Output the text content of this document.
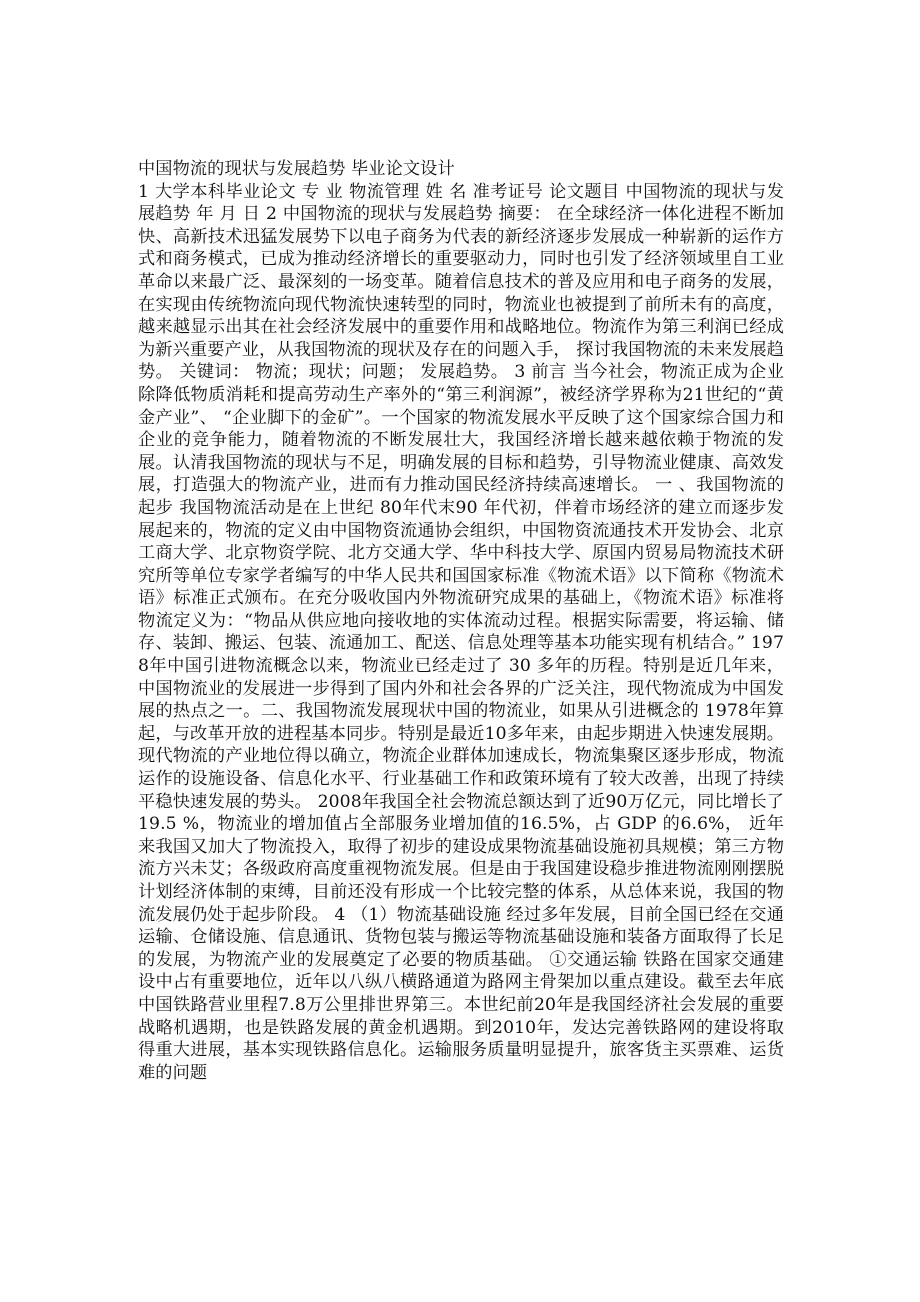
中国物流的现状与发展趋势 毕业论文设计
1 大学本科毕业论文 专 业 物流管理 姓 名 准考证号 论文题目 中国物流的现状与发展趋势 年 月 日 2 中国物流的现状与发展趋势 摘要： 在全球经济一体化进程不断加快、高新技术迅猛发展势下以电子商务为代表的新经济逐步发展成一种崭新的运作方式和商务模式，已成为推动经济增长的重要驱动力，同时也引发了经济领域里自工业革命以来最广泛、最深刻的一场变革。随着信息技术的普及应用和电子商务的发展，在实现由传统物流向现代物流快速转型的同时，物流业也被提到了前所未有的高度，越来越显示出其在社会经济发展中的重要作用和战略地位。物流作为第三利润已经成为新兴重要产业，从我国物流的现状及存在的问题入手， 探讨我国物流的未来发展趋势。 关键词： 物流；现状；问题； 发展趋势。 3 前言 当今社会，物流正成为企业除降低物质消耗和提高劳动生产率外的“第三利润源”，被经济学界称为21世纪的“黄金产业”、 “企业脚下的金矿”。一个国家的物流发展水平反映了这个国家综合国力和企业的竞争能力，随着物流的不断发展壮大，我国经济增长越来越依赖于物流的发展。认清我国物流的现状与不足，明确发展的目标和趋势，引导物流业健康、高效发展，打造强大的物流产业，进而有力推动国民经济持续高速增长。 一 、我国物流的起步 我国物流活动是在上世纪 80年代末90 年代初，伴着市场经济的建立而逐步发展起来的，物流的定义由中国物资流通协会组织，中国物资流通技术开发协会、北京工商大学、北京物资学院、北方交通大学、华中科技大学、原国内贸易局物流技术研究所等单位专家学者编写的中华人民共和国国家标准《物流术语》以下简称《物流术语》标准正式颁布。在充分吸收国内外物流研究成果的基础上，《物流术语》标准将物流定义为：“物品从供应地向接收地的实体流动过程。根据实际需要，将运输、储存、装卸、搬运、包装、流通加工、配送、信息处理等基本功能实现有机结合。” 1978年中国引进物流概念以来，物流业已经走过了 30 多年的历程。特别是近几年来，中国物流业的发展进一步得到了国内外和社会各界的广泛关注，现代物流成为中国发展的热点之一。二、我国物流发展现状中国的物流业，如果从引进概念的 1978年算起，与改革开放的进程基本同步。特别是最近10多年来，由起步期进入快速发展期。现代物流的产业地位得以确立，物流企业群体加速成长，物流集聚区逐步形成，物流运作的设施设备、信息化水平、行业基础工作和政策环境有了较大改善，出现了持续平稳快速发展的势头。 2008年我国全社会物流总额达到了近90万亿元，同比增长了19.5 %，物流业的增加值占全部服务业增加值的16.5%，占 GDP 的6.6%， 近年来我国又加大了物流投入，取得了初步的建设成果物流基础设施初具规模；第三方物流方兴未艾；各级政府高度重视物流发展。但是由于我国建设稳步推进物流刚刚摆脱计划经济体制的束缚，目前还没有形成一个比较完整的体系，从总体来说，我国的物流发展仍处于起步阶段。 4 （1）物流基础设施 经过多年发展，目前全国已经在交通运输、仓储设施、信息通讯、货物包装与搬运等物流基础设施和装备方面取得了长足的发展，为物流产业的发展奠定了必要的物质基础。 ①交通运输 铁路在国家交通建设中占有重要地位，近年以八纵八横路通道为路网主骨架加以重点建设。截至去年底中国铁路营业里程7.8万公里排世界第三。本世纪前20年是我国经济社会发展的重要战略机遇期，也是铁路发展的黄金机遇期。到2010年，发达完善铁路网的建设将取得重大进展，基本实现铁路信息化。运输服务质量明显提升，旅客货主买票难、运货难的问题
